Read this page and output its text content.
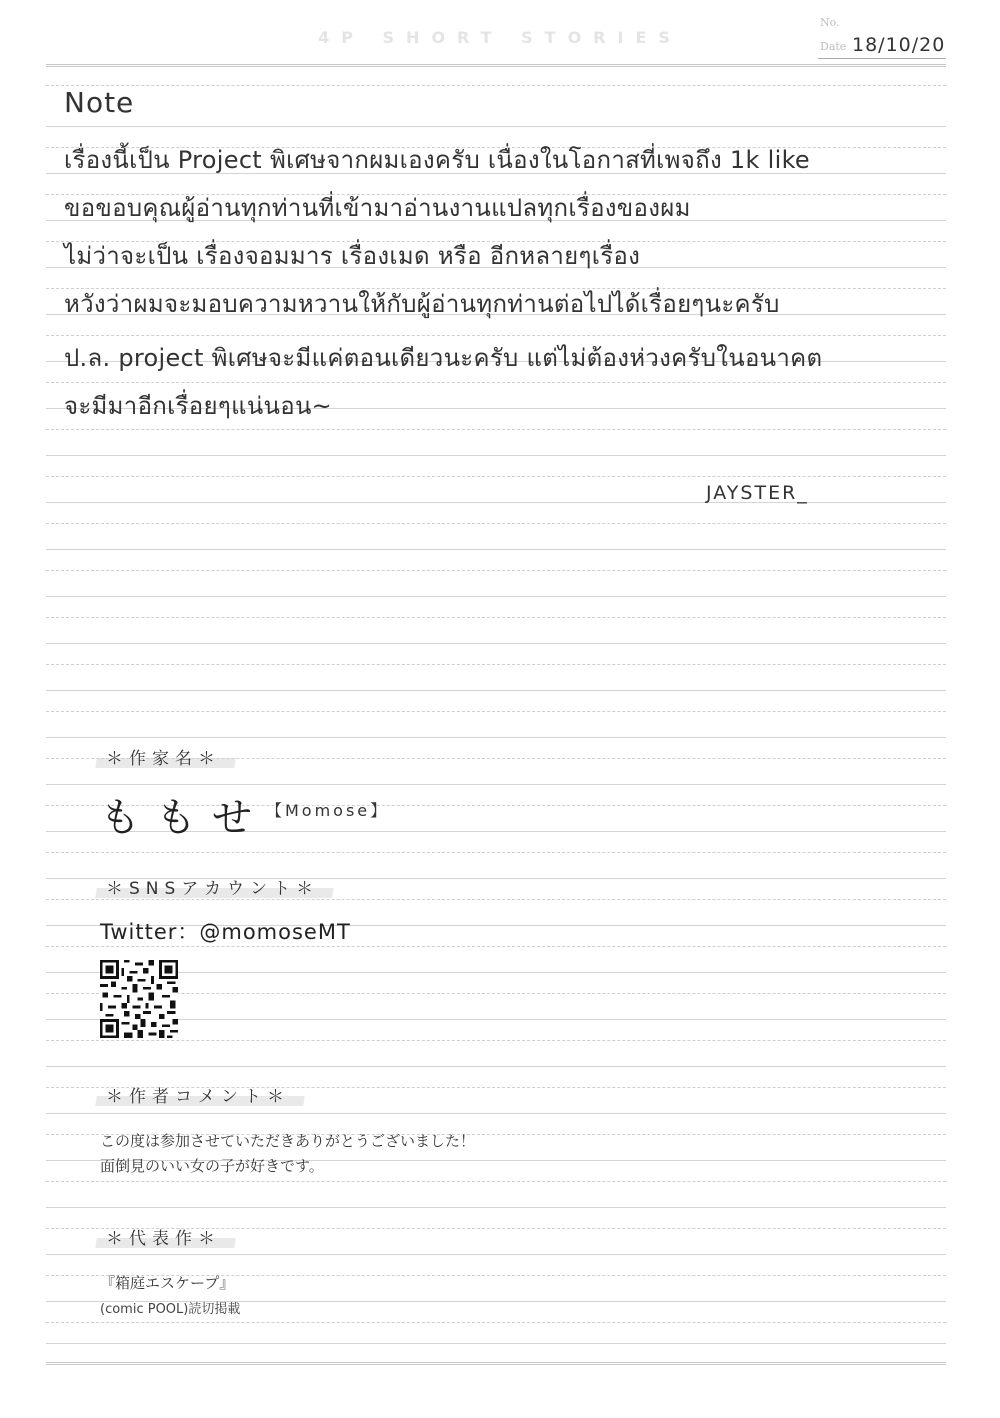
4P SHORT STORIES
No.
Date 18/10/20
Note
เรื่องนี้เป็น Project พิเศษจากผมเองครับ เนื่องในโอกาสที่เพจถึง 1k like
ขอขอบคุณผู้อ่านทุกท่านที่เข้ามาอ่านงานแปลทุกเรื่องของผม
ไม่ว่าจะเป็น เรื่องจอมมาร เรื่องเมด หรือ อีกหลายๆเรื่อง
หวังว่าผมจะมอบความหวานให้กับผู้อ่านทุกท่านต่อไปได้เรื่อยๆนะครับ
ป.ล. project พิเศษจะมีแค่ตอนเดียวนะครับ แต่ไม่ต้องห่วงครับในอนาคต
จะมีมาอีกเรื่อยๆแน่นอน~
JAYSTER_
＊作家名＊
ももせ
【Momose】
＊SNSアカウント＊
Twitter：@momoseMT
＊作者コメント＊
この度は参加させていただきありがとうございました！
面倒見のいい女の子が好きです。
＊代表作＊
『箱庭エスケープ』
(comic POOL)読切掲載
